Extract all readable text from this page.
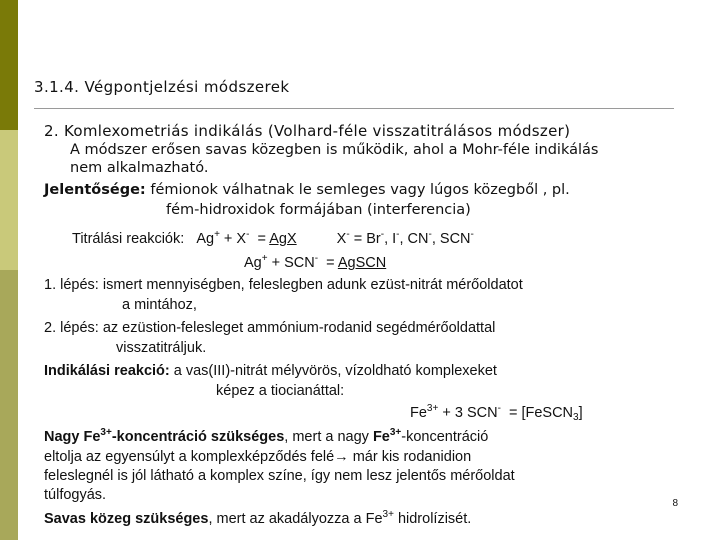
3.1.4. Végpontjelzési módszerek
2. Komlexometriás indikálás (Volhard-féle visszatitrálásos módszer)
A módszer erősen savas közegben is működik, ahol a Mohr-féle indikálás
nem alkalmazható.
Jelentősége: fémionok válhatnak le semleges vagy lúgos közegből , pl.
fém-hidroxidok formájában (interferencia)
Titrálási reakciók: Ag+ + X-  = AgX	X- = Br-, I-, CN-, SCN-
Ag+ + SCN-  = AgSCN
1. lépés: ismert mennyiségben, feleslegben adunk ezüst-nitrát mérőoldatot
a mintához,
2. lépés: az ezüstion-felesleget ammónium-rodanid segédmérőoldattal
visszatitráljuk.
Indikálási reakció: a vas(III)-nitrát mélyvörös, vízoldható komplexeket
képez a tiocianáttal:
$Fe^{3+} + 3$ SCN-  = [FeSCN$_3$]
Nagy $Fe^{3+}$-koncentráció szükséges, mert a nagy $Fe^{3+}$-koncentráció
eltolja az egyensúlyt a komplexképződés felé→ már kis rodanidion
feleslegnél is jól látható a komplex színe, így nem lesz jelentős mérőoldat
túlfogyás.
Savas közeg szükséges, mert az akadályozza a $Fe^{3+}$ hidrolízisét.
8
